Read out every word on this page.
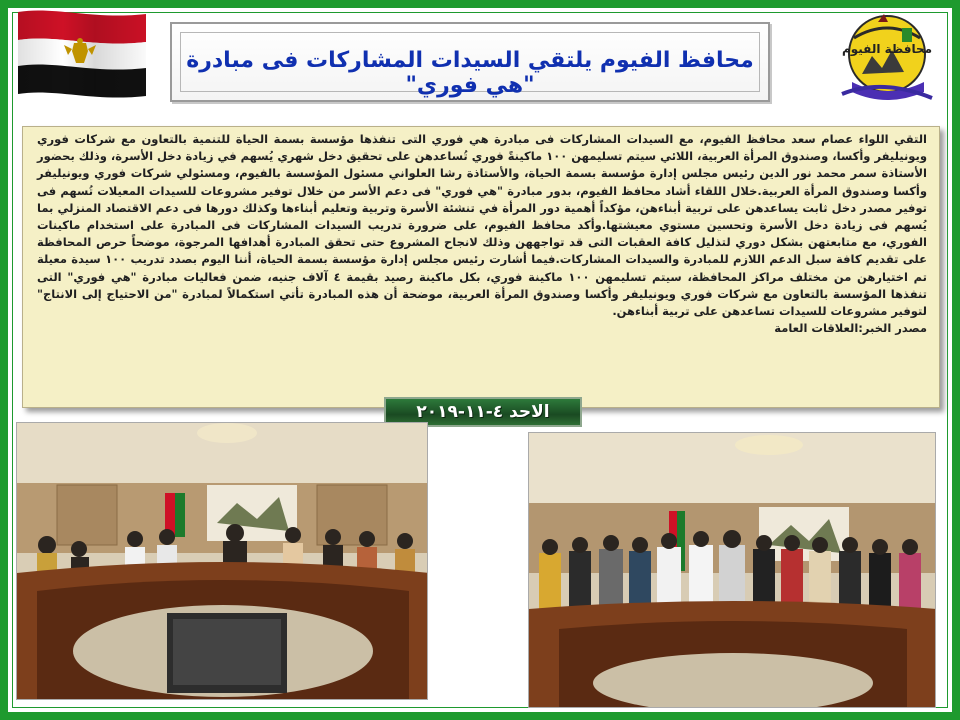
محافظ الفيوم يلتقي السيدات المشاركات فى مبادرة "هي فوري"
محافظة الفيوم
التقي اللواء عصام سعد محافظ الفيوم، مع السيدات المشاركات فى مبادرة هي فوري التى تنفذها مؤسسة بسمة الحياة للتنمية بالتعاون مع شركات فوري ويونيليفر وأكسا، وصندوق المرأة العربية، اللائي سيتم تسليمهن ١٠٠ ماكينةً فوري تُساعدهن على تحقيق دخل شهري يُسهم في زيادة دخل الأسرة، وذلك بحضور الأستاذة سمر محمد نور الدين رئيس مجلس إدارة مؤسسة بسمة الحياة، والأستاذة رشا العلواني مسئول المؤسسة بالفيوم، ومسئولي شركات فوري ويونيليفر وأكسا وصندوق المرأة العربية.خلال اللقاء أشاد محافظ الفيوم، بدور مبادرة "هي فوري" فى دعم الأسر من خلال توفير مشروعات للسيدات المعيلات تُسهم فى توفير مصدر دخل ثابت يساعدهن على تربية أبناءهن، مؤكداً أهمية دور المرأة في تنشئة الأسرة وتربية وتعليم أبناءها وكذلك دورها فى دعم الاقتصاد المنزلي بما يُسهم فى زيادة دخل الأسرة وتحسين مستوي معيشتها.وأكد محافظ الفيوم، على ضرورة تدريب السيدات المشاركات فى المبادرة على استخدام ماكينات الفوري، مع متابعتهن بشكل دوري لتذليل كافة العقبات التى قد تواجههن وذلك لانجاح المشروع حتى تحقق المبادرة أهدافها المرجوة، موضحاً حرص المحافظة على تقديم كافة سبل الدعم اللازم للمبادرة والسيدات المشاركات.فيما أشارت رئيس مجلس إدارة مؤسسة بسمة الحياة، أننا اليوم بصدد تدريب ١٠٠ سيدة معيلة تم اختيارهن من مختلف مراكز المحافظة، سيتم تسليمهن ١٠٠ ماكينة فوري، بكل ماكينة رصيد بقيمة ٤ آلاف جنيه، ضمن فعاليات مبادرة "هي فوري" التى تنفذها المؤسسة بالتعاون مع شركات فوري ويونيليفر وأكسا وصندوق المرأة العربية، موضحة أن هذه المبادرة تأتي استكمالاً لمبادرة "من الاحتياج إلى الانتاج" لتوفير مشروعات للسيدات تساعدهن على تربية أبناءهن.
مصدر الخبر:العلاقات العامة
الاحد ٤-١١-٢٠١٩
